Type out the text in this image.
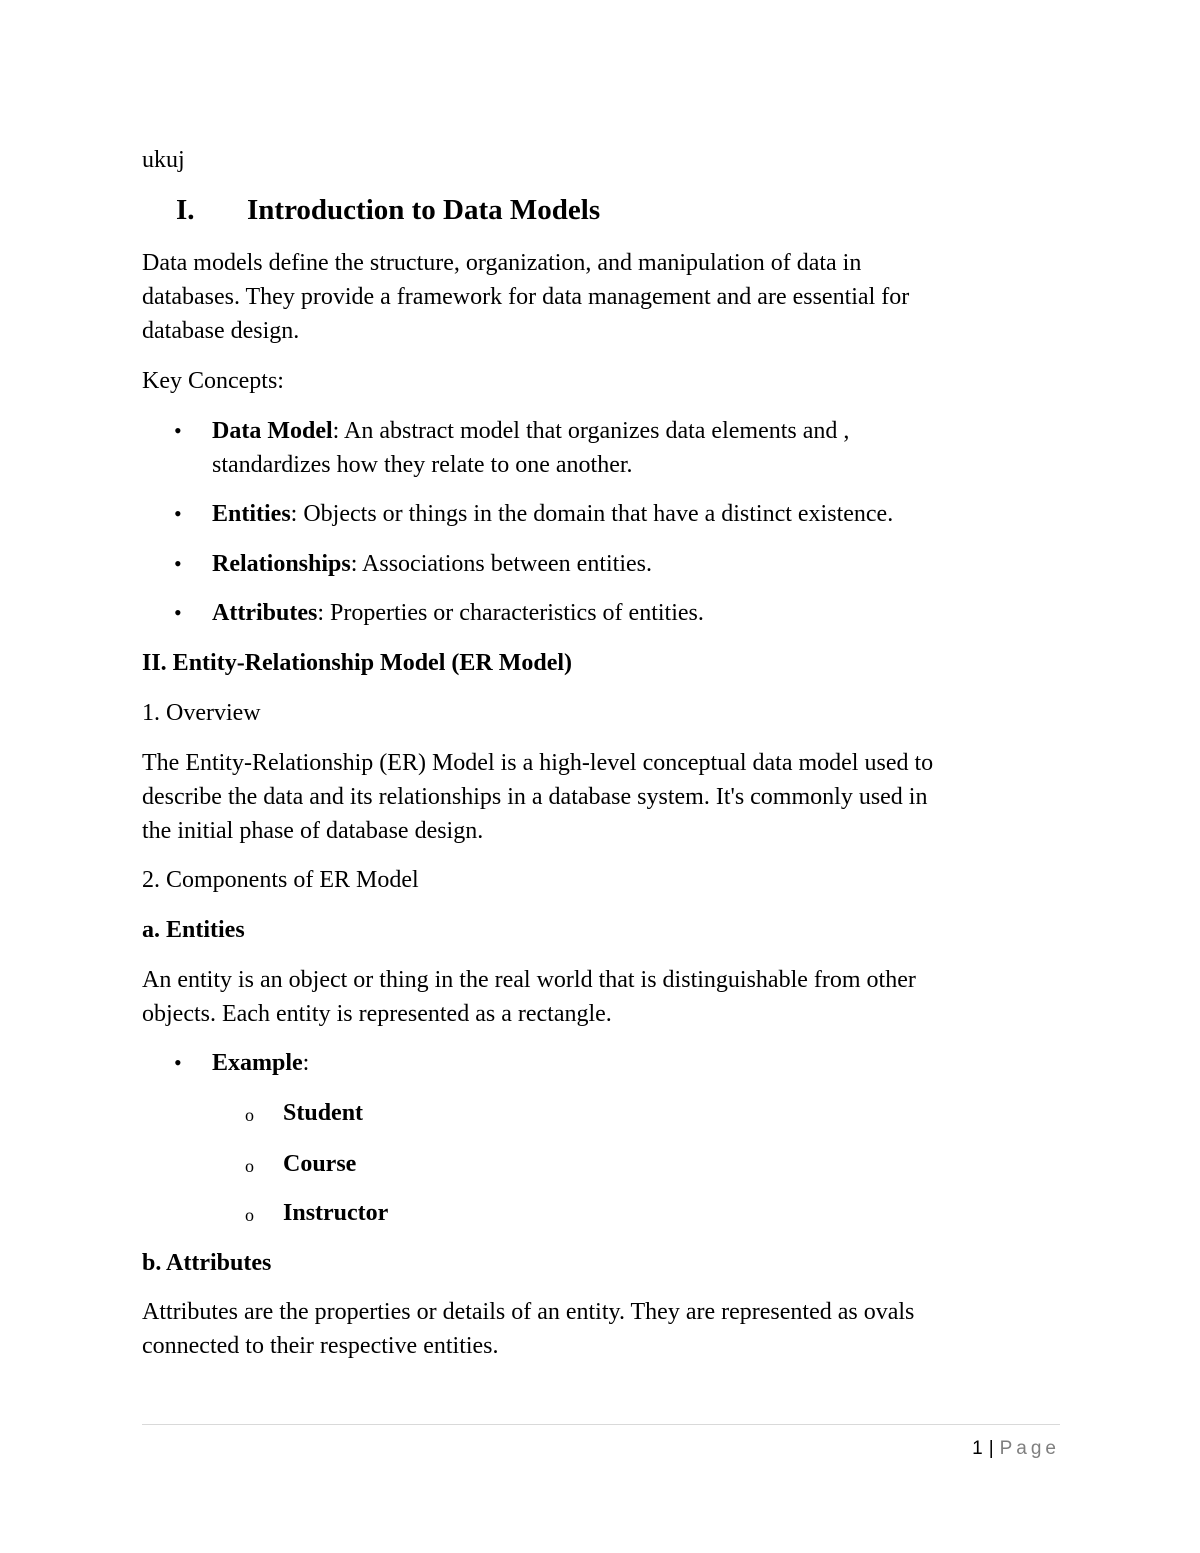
ukuj

I. Introduction to Data Models

Data models define the structure, organization, and manipulation of data in

databases. They provide a framework for data management and are essential for

database design.

Key Concepts:

• Data Model: An abstract model that organizes data elements and ,
standardizes how they relate to one another.
• Entities: Objects or things in the domain that have a distinct existence.
• Relationships: Associations between entities.
• Attributes: Properties or characteristics of entities.

II. Entity-Relationship Model (ER Model)

1. Overview

The Entity-Relationship (ER) Model is a high-level conceptual data model used to

describe the data and its relationships in a database system. It's commonly used in

the initial phase of database design.

2. Components of ER Model

a. Entities

An entity is an object or thing in the real world that is distinguishable from other

objects. Each entity is represented as a rectangle.

• Example:
o Student
o Course
o Instructor

b. Attributes

Attributes are the properties or details of an entity. They are represented as ovals

connected to their respective entities.

1 | Page
